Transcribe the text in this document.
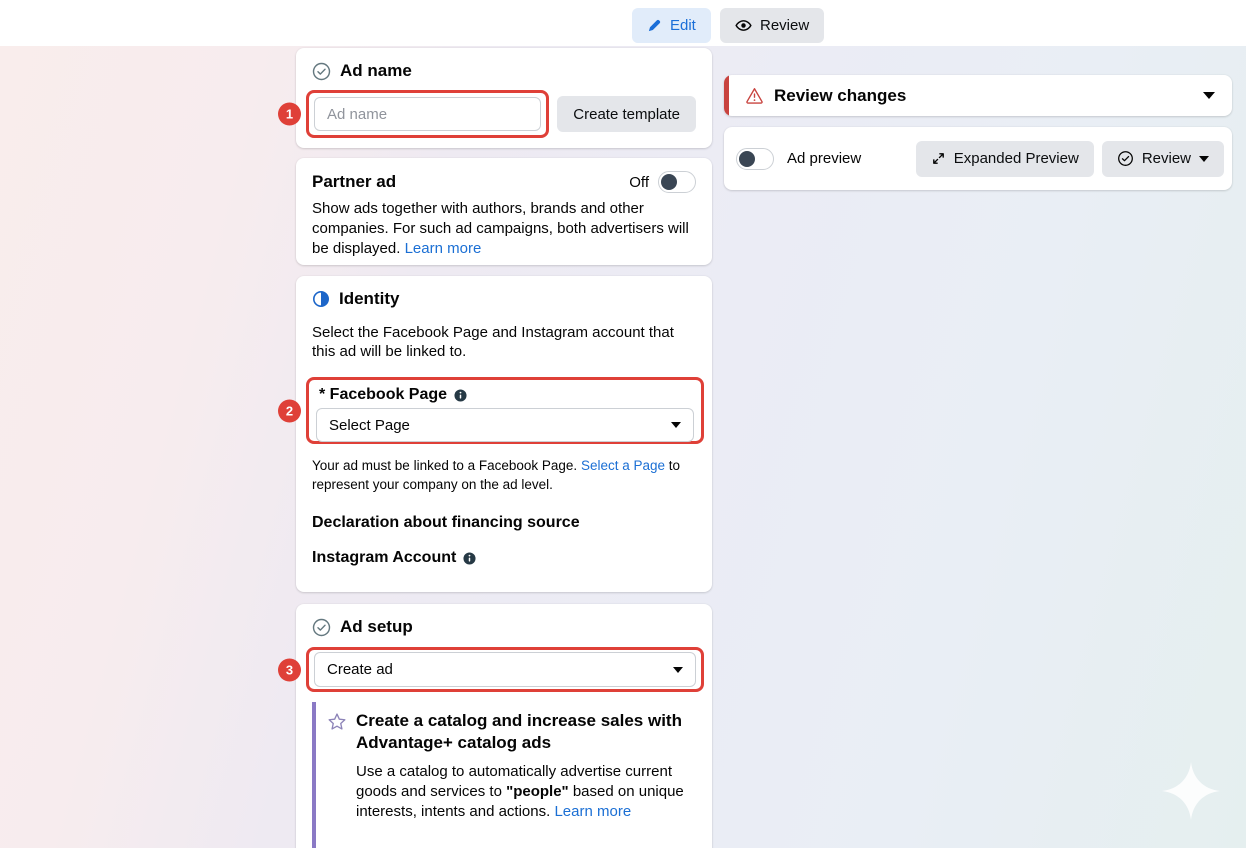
Edit	Review
Ad name
1
Ad name	Create template
Partner ad	Off
Show ads together with authors, brands and other companies. For such ad campaigns, both advertisers will be displayed. Learn more
Identity
Select the Facebook Page and Instagram account that this ad will be linked to.
2
* Facebook Page
Select Page
Your ad must be linked to a Facebook Page. Select a Page to represent your company on the ad level.
Declaration about financing source
Instagram Account
Ad setup
3	Create ad
Create a catalog and increase sales with Advantage+ catalog ads
Use a catalog to automatically advertise current goods and services to "people" based on unique interests, intents and actions. Learn more
Review changes
Ad preview	Expanded Preview	Review
